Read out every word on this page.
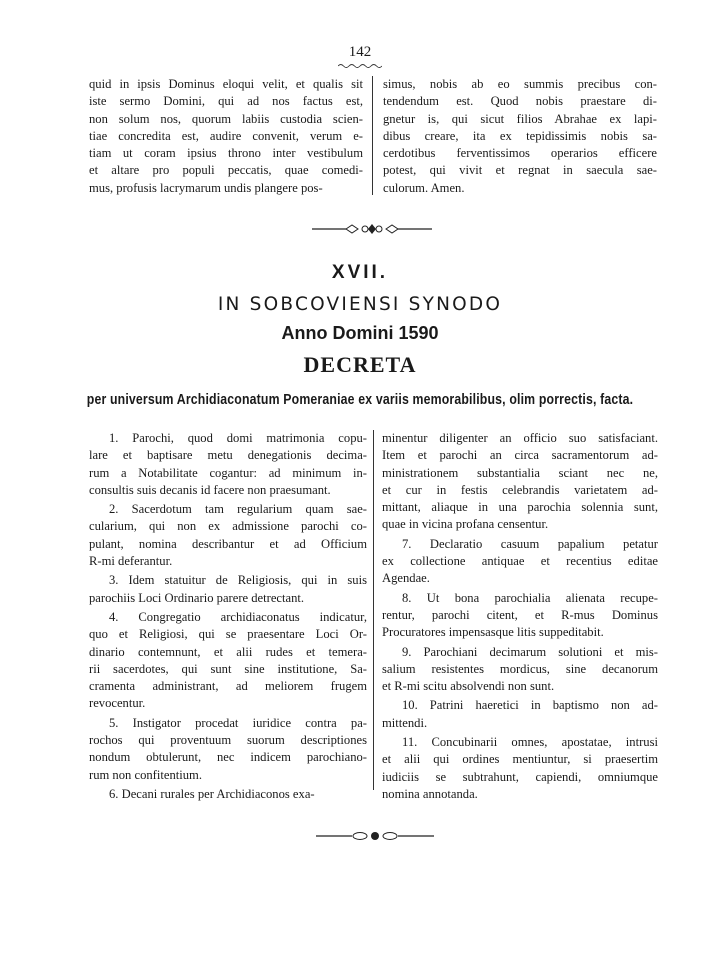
142
quid in ipsis Dominus eloqui velit, et qualis sit
iste sermo Domini, qui ad nos factus est,
non solum nos, quorum labiis custodia scien-
tiae concredita est, audire convenit, verum e-
tiam ut coram ipsius throno inter vestibulum
et altare pro populi peccatis, quae comedi-
mus, profusis lacrymarum undis plangere pos-
simus, nobis ab eo summis precibus con-
tendendum est. Quod nobis praestare di-
gnetur is, qui sicut filios Abrahae ex lapi-
dibus creare, ita ex tepidissimis nobis sa-
cerdotibus ferventissimos operarios efficere
potest, qui vivit et regnat in saecula sae-
culorum. Amen.
XVII.
IN SOBCOVIENSI SYNODO
Anno Domini 1590
DECRETA
per universum Archidiaconatum Pomeraniae ex variis memorabilibus, olim porrectis, facta.
1. Parochi, quod domi matrimonia copu-
lare et baptisare metu denegationis decima-
rum a Notabilitate cogantur: ad minimum in-
consultis suis decanis id facere non praesumant.
2. Sacerdotum tam regularium quam sae-
cularium, qui non ex admissione parochi co-
pulant, nomina describantur et ad Officium
R-mi deferantur.
3. Idem statuitur de Religiosis, qui in suis
parochiis Loci Ordinario parere detrectant.
4. Congregatio archidiaconatus indicatur,
quo et Religiosi, qui se praesentare Loci Or-
dinario contemnunt, et alii rudes et temera-
rii sacerdotes, qui sunt sine institutione, Sa-
cramenta administrant, ad meliorem frugem
revocentur.
5. Instigator procedat iuridice contra pa-
rochos qui proventuum suorum descriptiones
nondum obtulerunt, nec indicem parochiano-
rum non confitentium.
6. Decani rurales per Archidiaconos exa-
minentur diligenter an officio suo satisfaciant.
Item et parochi an circa sacramentorum ad-
ministrationem substantialia sciant nec ne,
et cur in festis celebrandis varietatem ad-
mittant, aliaque in una parochia solennia sunt,
quae in vicina profana censentur.
7. Declaratio casuum papalium petatur
ex collectione antiquae et recentius editae
Agendae.
8. Ut bona parochialia alienata recupe-
rentur, parochi citent, et R-mus Dominus
Procuratores impensasque litis suppeditabit.
9. Parochiani decimarum solutioni et mis-
salium resistentes mordicus, sine decanorum
et R-mi scitu absolvendi non sunt.
10. Patrini haeretici in baptismo non ad-
mittendi.
11. Concubinarii omnes, apostatae, intrusi
et alii qui ordines mentiuntur, si praesertim
iudiciis se subtrahunt, capiendi, omniumque
nomina annotanda.
